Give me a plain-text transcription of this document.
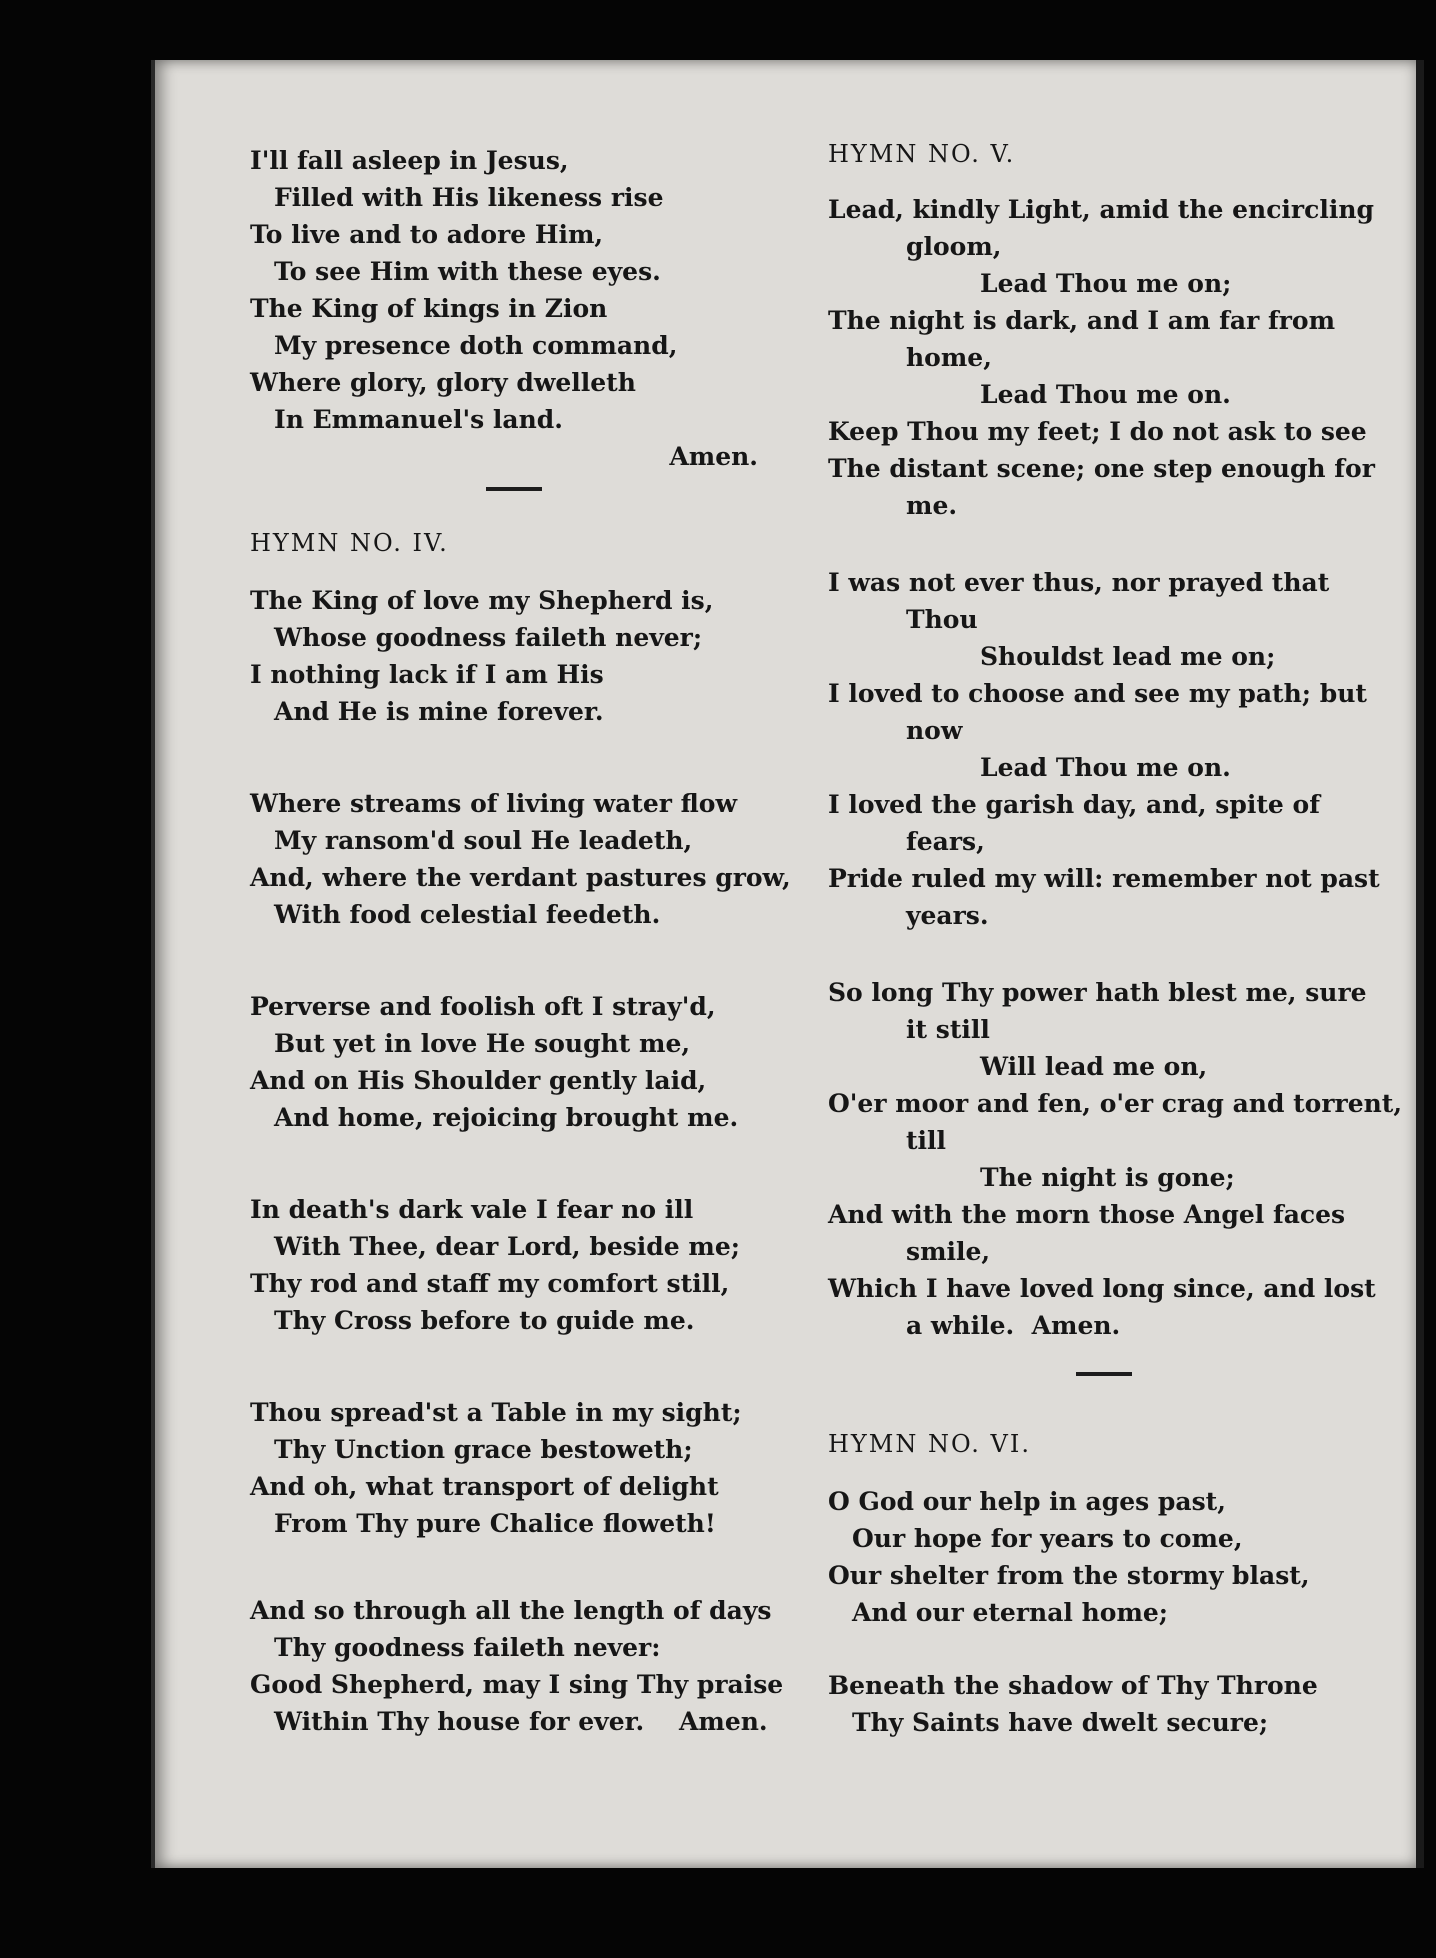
I'll fall asleep in Jesus,
Filled with His likeness rise
To live and to adore Him,
To see Him with these eyes.
The King of kings in Zion
My presence doth command,
Where glory, glory dwelleth
In Emmanuel's land.
Amen.
HYMN NO. IV.
The King of love my Shepherd is,
Whose goodness faileth never;
I nothing lack if I am His
And He is mine forever.
Where streams of living water flow
My ransom'd soul He leadeth,
And, where the verdant pastures grow,
With food celestial feedeth.
Perverse and foolish oft I stray'd,
But yet in love He sought me,
And on His Shoulder gently laid,
And home, rejoicing brought me.
In death's dark vale I fear no ill
With Thee, dear Lord, beside me;
Thy rod and staff my comfort still,
Thy Cross before to guide me.
Thou spread'st a Table in my sight;
Thy Unction grace bestoweth;
And oh, what transport of delight
From Thy pure Chalice floweth!
And so through all the length of days
Thy goodness faileth never:
Good Shepherd, may I sing Thy praise
Within Thy house for ever.    Amen.
HYMN NO. V.
Lead, kindly Light, amid the encircling
gloom,
Lead Thou me on;
The night is dark, and I am far from
home,
Lead Thou me on.
Keep Thou my feet; I do not ask to see
The distant scene; one step enough for
me.
I was not ever thus, nor prayed that
Thou
Shouldst lead me on;
I loved to choose and see my path; but
now
Lead Thou me on.
I loved the garish day, and, spite of
fears,
Pride ruled my will: remember not past
years.
So long Thy power hath blest me, sure
it still
Will lead me on,
O'er moor and fen, o'er crag and torrent,
till
The night is gone;
And with the morn those Angel faces
smile,
Which I have loved long since, and lost
a while.  Amen.
HYMN NO. VI.
O God our help in ages past,
Our hope for years to come,
Our shelter from the stormy blast,
And our eternal home;
Beneath the shadow of Thy Throne
Thy Saints have dwelt secure;
